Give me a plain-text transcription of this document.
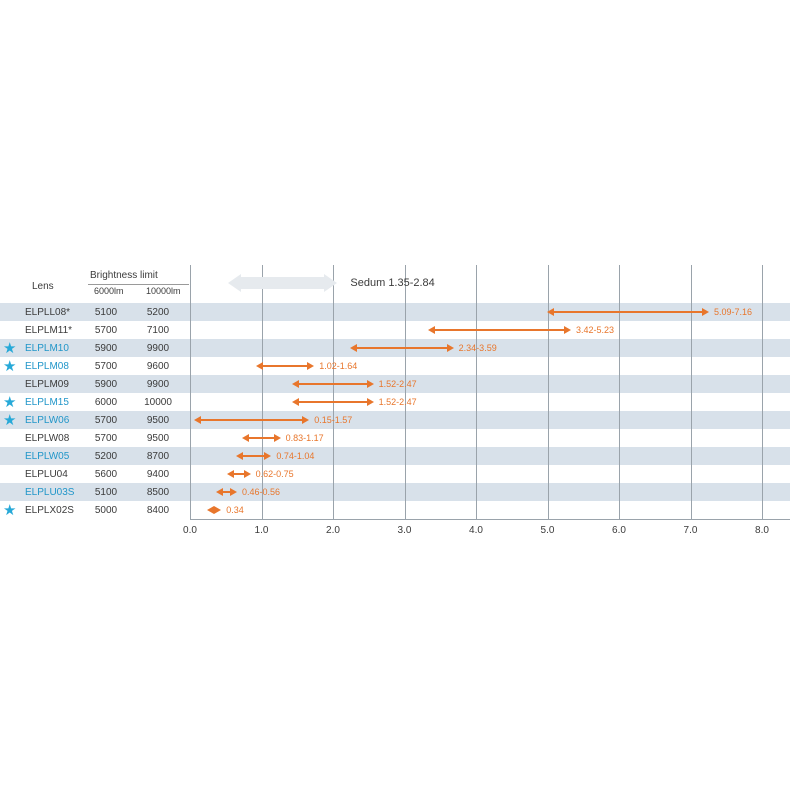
0.0	1.0	2.0	3.0	4.0	5.0	6.0	7.0	8.0
Sedum 1.35-2.84
5.09-7.16
3.42-5.23
2.34-3.59
1.02-1.64
1.52-2.47
1.52-2.47
0.15-1.57
0.83-1.17
0.74-1.04
0.62-0.75
0.46-0.56
0.34
Lens
Brightness limit
6000lm 10000lm
ELPLL08*	5100	5200
ELPLM11*	5700	7100
★ ELPLM10	5900	9900
★ ELPLM08	5700	9600
ELPLM09	5900	9900
★ ELPLM15	6000	10000
★ ELPLW06	5700	9500
ELPLW08	5700	9500
ELPLW05	5200	8700
ELPLU04	5600	9400
ELPLU03S	5100	8500
★ ELPLX02S	5000	8400
